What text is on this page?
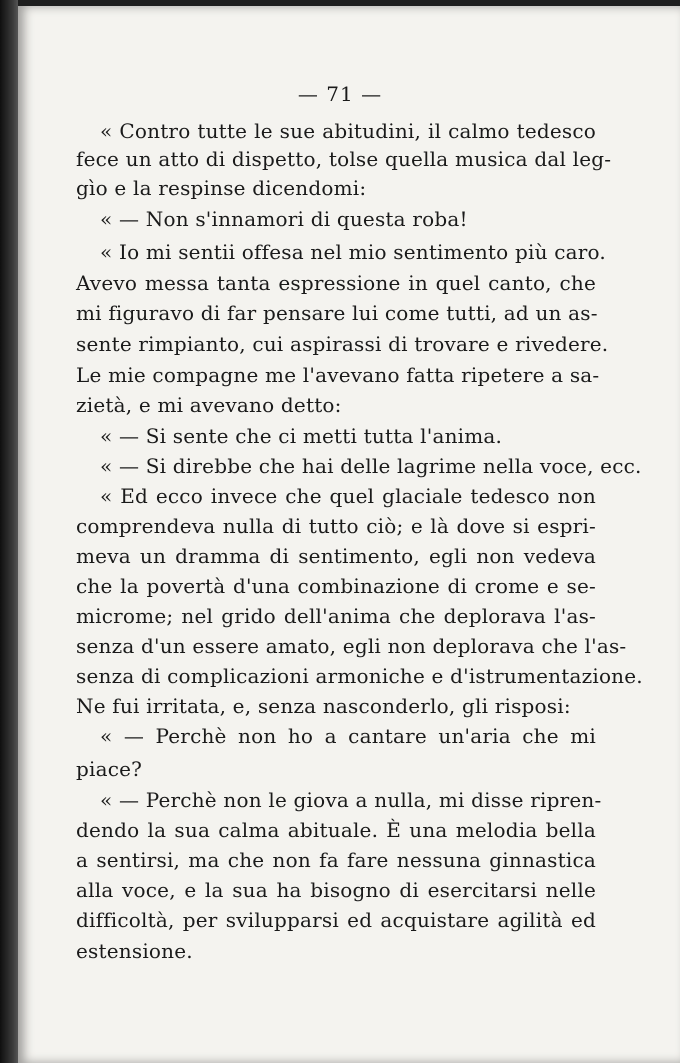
— 71 —
« Contro tutte le sue abitudini, il calmo tedesco
fece un atto di dispetto, tolse quella musica dal leg-
gìo e la respinse dicendomi:
« — Non s'innamori di questa roba!
« Io mi sentii offesa nel mio sentimento più caro.
Avevo messa tanta espressione in quel canto, che
mi figuravo di far pensare lui come tutti, ad un as-
sente rimpianto, cui aspirassi di trovare e rivedere.
Le mie compagne me l'avevano fatta ripetere a sa-
zietà, e mi avevano detto:
« — Si sente che ci metti tutta l'anima.
« — Si direbbe che hai delle lagrime nella voce, ecc.
« Ed ecco invece che quel glaciale tedesco non
comprendeva nulla di tutto ciò; e là dove si espri-
meva un dramma di sentimento, egli non vedeva
che la povertà d'una combinazione di crome e se-
microme; nel grido dell'anima che deplorava l'as-
senza d'un essere amato, egli non deplorava che l'as-
senza di complicazioni armoniche e d'istrumentazione.
Ne fui irritata, e, senza nasconderlo, gli risposi:
« — Perchè non ho a cantare un'aria che mi
piace?
« — Perchè non le giova a nulla, mi disse ripren-
dendo la sua calma abituale. È una melodia bella
a sentirsi, ma che non fa fare nessuna ginnastica
alla voce, e la sua ha bisogno di esercitarsi nelle
difficoltà, per svilupparsi ed acquistare agilità ed
estensione.
